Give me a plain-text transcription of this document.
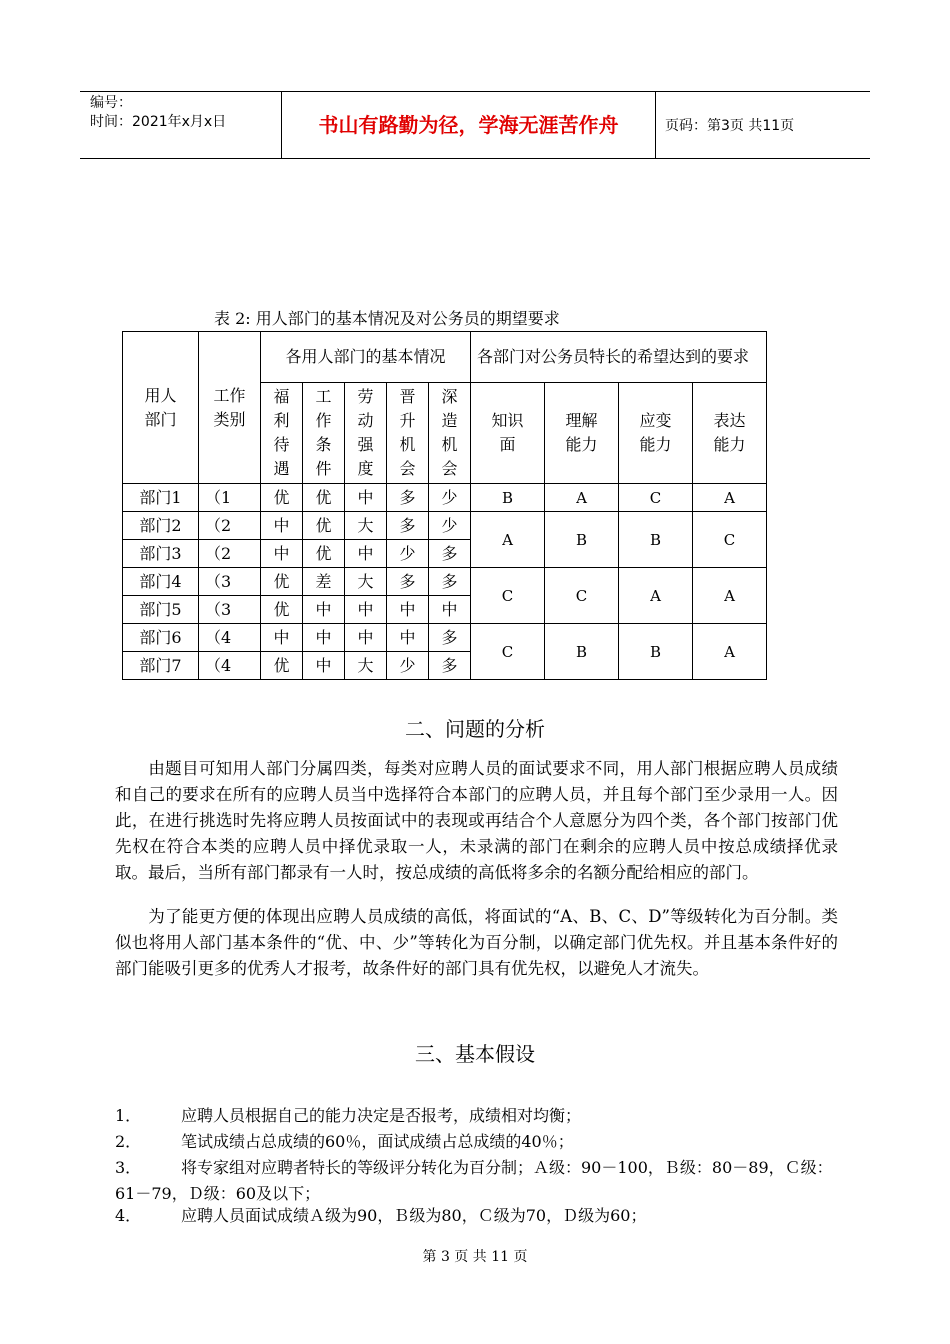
编号：
时间：2021年x月x日	书山有路勤为径，学海无涯苦作舟	页码：第3页 共11页
表 2: 用人部门的基本情况及对公务员的期望要求
用人部门	工作类别	各用人部门的基本情况					各部门对公务员特长的希望达到的要求			

		福利待遇	工作条件	劳动强度	晋升机会	深造机会	知识面	理解能力	应变能力	表达能力

部门1	（1	优	优	中	多	少	B	A	C	A
部门2	（2	中	优	大	多	少	A	B	B	C
部门3	（2	中	优	中	少	多				
部门4	（3	优	差	大	多	多	C	C	A	A
部门5	（3	优	中	中	中	中				
部门6	（4	中	中	中	中	多	C	B	B	A
部门7	（4	优	中	大	少	多				
二、问题的分析

由题目可知用人部门分属四类，每类对应聘人员的面试要求不同，用人部门根据应聘人员成绩和自己的要求在所有的应聘人员当中选择符合本部门的应聘人员，并且每个部门至少录用一人。因此，在进行挑选时先将应聘人员按面试中的表现或再结合个人意愿分为四个类，各个部门按部门优先权在符合本类的应聘人员中择优录取一人，未录满的部门在剩余的应聘人员中按总成绩择优录取。最后，当所有部门都录有一人时，按总成绩的高低将多余的名额分配给相应的部门。

为了能更方便的体现出应聘人员成绩的高低，将面试的“A、B、C、D”等级转化为百分制。类似也将用人部门基本条件的“优、中、少”等转化为百分制，以确定部门优先权。并且基本条件好的部门能吸引更多的优秀人才报考，故条件好的部门具有优先权，以避免人才流失。

三、基本假设

1． 应聘人员根据自己的能力决定是否报考，成绩相对均衡；

2． 笔试成绩占总成绩的60％，面试成绩占总成绩的40％；

3． 将专家组对应聘者特长的等级评分转化为百分制；Ａ级：90－100，Ｂ级：80－89，Ｃ级：61－79，Ｄ级：60及以下；

4． 应聘人员面试成绩Ａ级为90，Ｂ级为80，Ｃ级为70，Ｄ级为60；

第 3 页 共 11 页
